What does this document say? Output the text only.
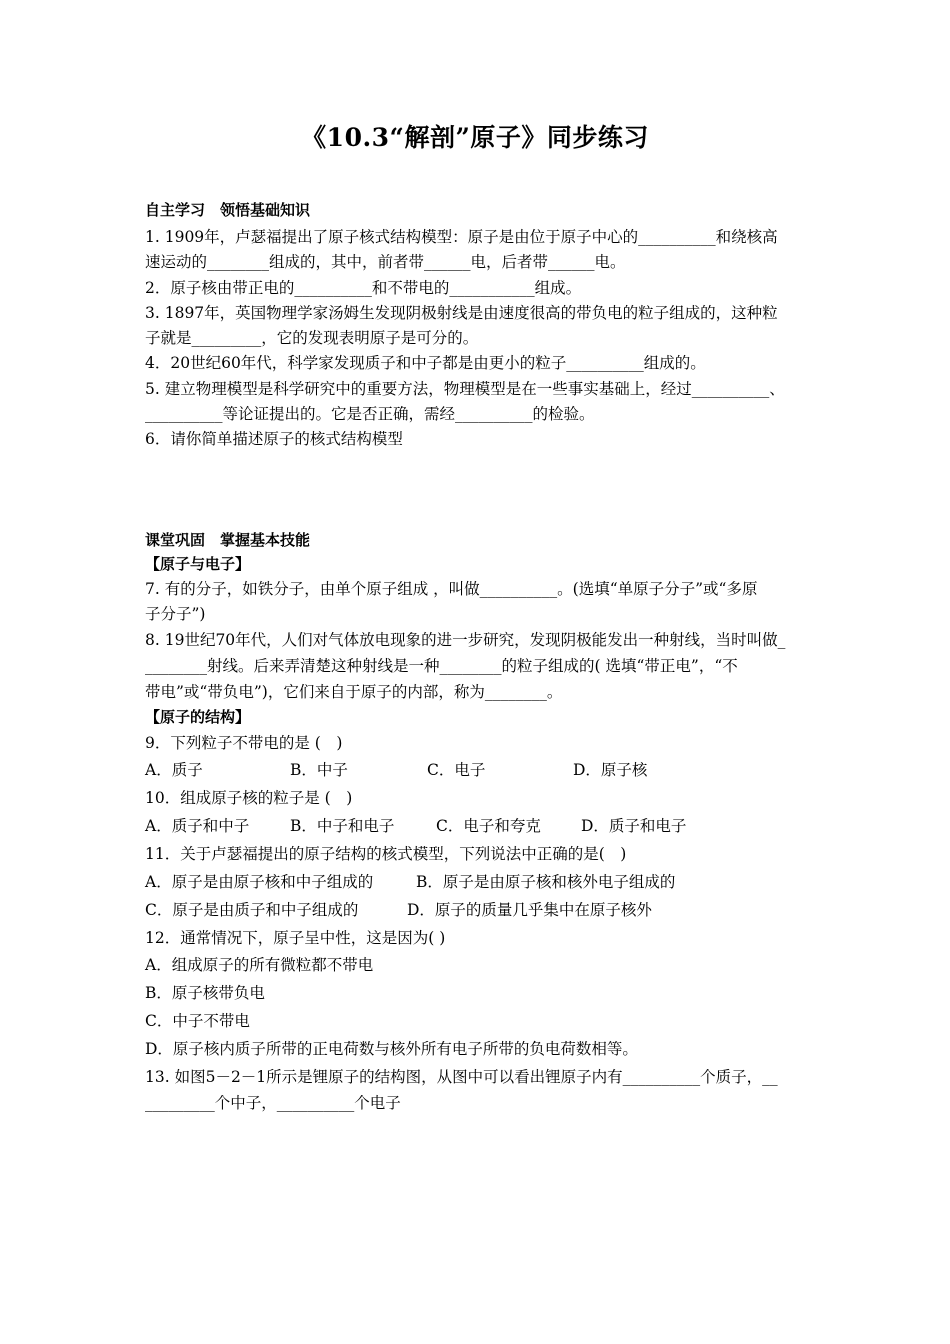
《10.3“解剖”原子》同步练习
自主学习　领悟基础知识
1. 1909年，卢瑟福提出了原子核式结构模型：原子是由位于原子中心的__________和绕核高
速运动的________组成的，其中，前者带______电，后者带______电。
2．原子核由带正电的__________和不带电的___________组成。
3. 1897年，英国物理学家汤姆生发现阴极射线是由速度很高的带负电的粒子组成的，这种粒
子就是_________，它的发现表明原子是可分的。
4．20世纪60年代，科学家发现质子和中子都是由更小的粒子__________组成的。
5. 建立物理模型是科学研究中的重要方法，物理模型是在一些事实基础上，经过__________、
__________等论证提出的。它是否正确，需经__________的检验。
6．请你简单描述原子的核式结构模型
课堂巩固　掌握基本技能
【原子与电子】
7. 有的分子，如铁分子，由单个原子组成 ，叫做__________。(选填“单原子分子”或“多原
子分子”)
8. 19世纪70年代，人们对气体放电现象的进一步研究，发现阴极能发出一种射线，当时叫做_
________射线。后来弄清楚这种射线是一种________的粒子组成的( 选填“带正电”，“不
带电”或“带负电”)，它们来自于原子的内部，称为________。
【原子的结构】
9．下列粒子不带电的是 (　)
A．质子	B．中子	C．电子	D．原子核
10．组成原子核的粒子是 (　)
A．质子和中子	B．中子和电子	C．电子和夸克	D．质子和电子
11．关于卢瑟福提出的原子结构的核式模型，下列说法中正确的是(　)
A．原子是由原子核和中子组成的	B．原子是由原子核和核外电子组成的
C．原子是由质子和中子组成的	D．原子的质量几乎集中在原子核外
12．通常情况下，原子呈中性，这是因为( )
A．组成原子的所有微粒都不带电
B．原子核带负电
C．中子不带电
D．原子核内质子所带的正电荷数与核外所有电子所带的负电荷数相等。
13. 如图5－2－1所示是锂原子的结构图，从图中可以看出锂原子内有__________个质子，__
_________个中子，__________个电子
